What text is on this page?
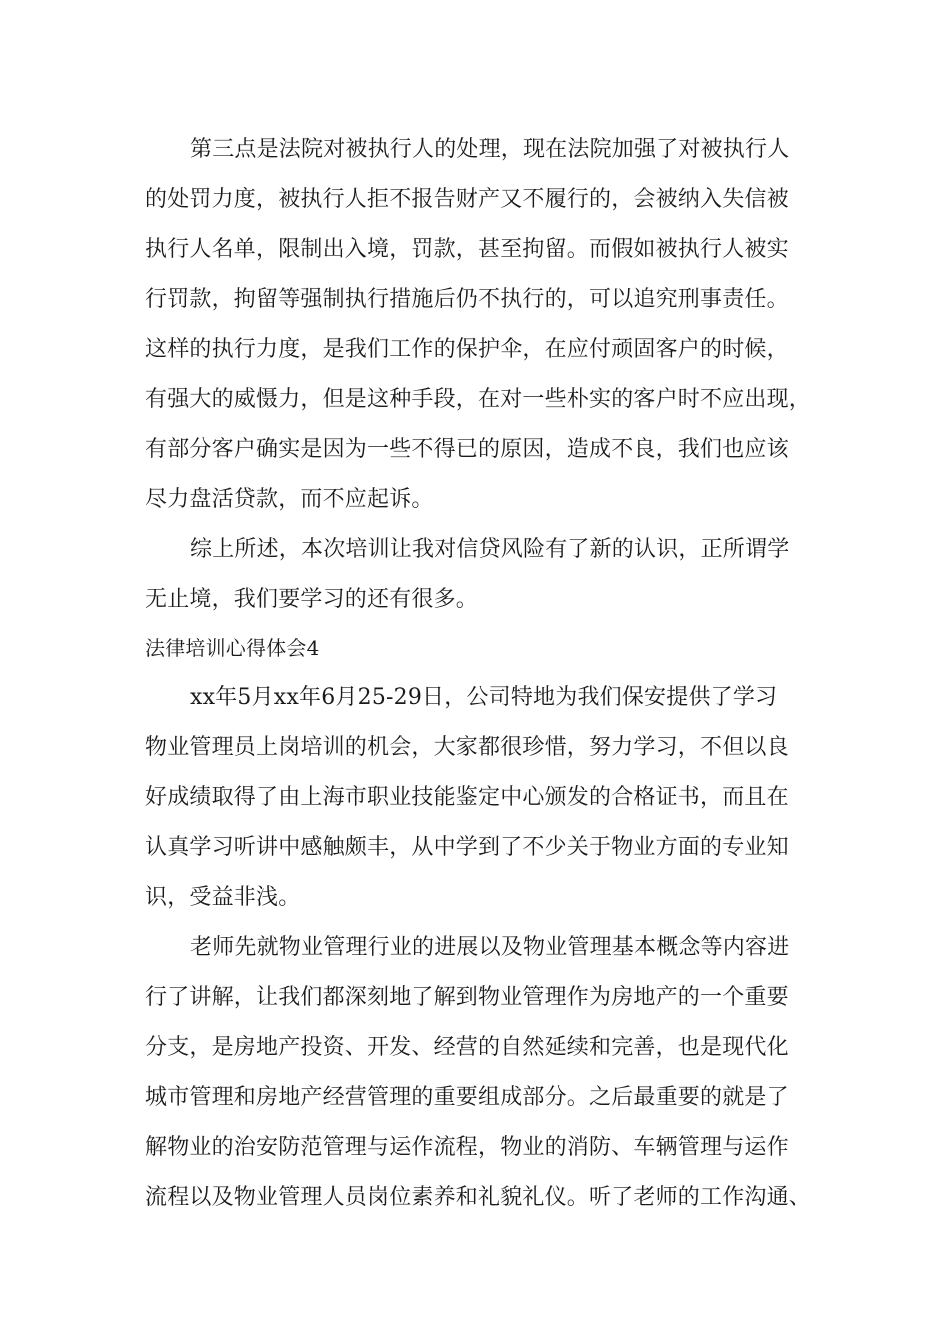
第三点是法院对被执行人的处理，现在法院加强了对被执行人
的处罚力度，被执行人拒不报告财产又不履行的，会被纳入失信被
执行人名单，限制出入境，罚款，甚至拘留。而假如被执行人被实
行罚款，拘留等强制执行措施后仍不执行的，可以追究刑事责任。
这样的执行力度，是我们工作的保护伞，在应付顽固客户的时候，
有强大的威慑力，但是这种手段，在对一些朴实的客户时不应出现，
有部分客户确实是因为一些不得已的原因，造成不良，我们也应该
尽力盘活贷款，而不应起诉。
综上所述，本次培训让我对信贷风险有了新的认识，正所谓学
无止境，我们要学习的还有很多。
法律培训心得体会4
xx年5月xx年6月25-29日，公司特地为我们保安提供了学习
物业管理员上岗培训的机会，大家都很珍惜，努力学习，不但以良
好成绩取得了由上海市职业技能鉴定中心颁发的合格证书，而且在
认真学习听讲中感触颇丰，从中学到了不少关于物业方面的专业知
识，受益非浅。
老师先就物业管理行业的进展以及物业管理基本概念等内容进
行了讲解，让我们都深刻地了解到物业管理作为房地产的一个重要
分支，是房地产投资、开发、经营的自然延续和完善，也是现代化
城市管理和房地产经营管理的重要组成部分。之后最重要的就是了
解物业的治安防范管理与运作流程，物业的消防、车辆管理与运作
流程以及物业管理人员岗位素养和礼貌礼仪。听了老师的工作沟通、
